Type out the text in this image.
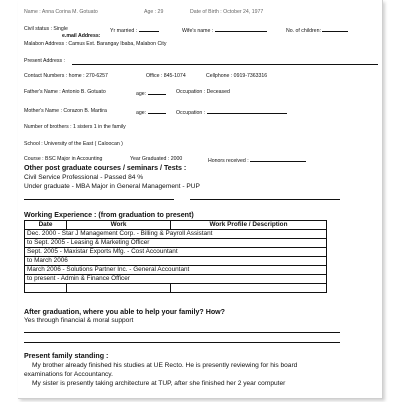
Name : Anna Corina M. Gotuato	Age : 29	Date of Birth : October 24, 1977
Civil status : Single	Yr married :	Wife's name :	No. of children:
e.mail Address:
Malabon Address : Camus Ext. Barangay Ibaba, Malabon City
Present Address :
Contact Numbers : home : 270-6257	Office : 845-1074	Cellphone : 0919-7363316
Father's Name : Antonio B. Gotuato	age:	Occupation : Deceased
Mother's Name : Corazon B. Martira	age:	Occupation :
Number of brothers : 1 sisters 1 in the family
School : University of the East ( Caloocan )
Course : BSC Major in Accounting	Year Graduated : 2000	Honors received :
Other post graduate courses / seminars / Tests :
Civil Service Professional - Passed 84 %
Under graduate - MBA Major in General Management - PUP
Working Experience : (from graduation to present)
Date	Work	Work Profile / Description
Dec. 2000 - Star J Management Corp. - Billing & Payroll Assistant		
to Sept. 2005 - Leasing & Marketing Officer		
Sept. 2005 - Maxistar Exports Mfg. - Cost Accountant		
to March 2006		
March 2006 - Solutions Partner Inc. - General Accountant		
to present - Admin & Finance Officer		

After graduation, where you able to help your family? How?
Yes through financial & moral support
Present family standing :
My brother already finished his studies at UE Recto. He is presently reviewing for his board
examinations for Accountancy.
My sister is presently taking architecture at TUP, after she finished her 2 year computer
